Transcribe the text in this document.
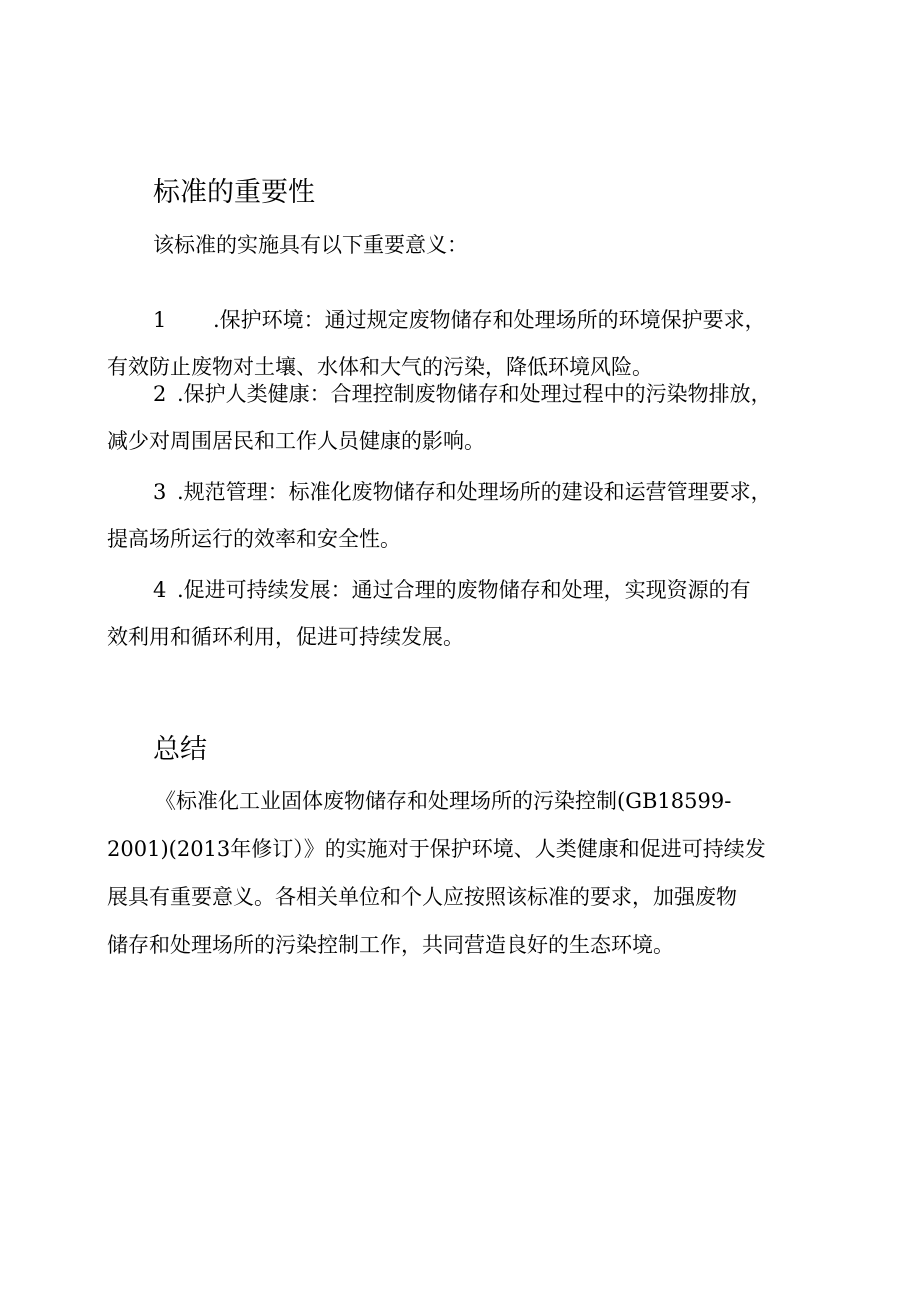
标准的重要性

该标准的实施具有以下重要意义：

1 .保护环境：通过规定废物储存和处理场所的环境保护要求，
有效防止废物对土壤、水体和大气的污染，降低环境风险。

2 .保护人类健康：合理控制废物储存和处理过程中的污染物排放，
减少对周围居民和工作人员健康的影响。

3 .规范管理：标准化废物储存和处理场所的建设和运营管理要求，
提高场所运行的效率和安全性。

4 .促进可持续发展：通过合理的废物储存和处理，实现资源的有
效利用和循环利用，促进可持续发展。

总结

《标准化工业固体废物储存和处理场所的污染控制(GB18599-
2001)(2013年修订）》的实施对于保护环境、人类健康和促进可持续发
展具有重要意义。各相关单位和个人应按照该标准的要求，加强废物
储存和处理场所的污染控制工作，共同营造良好的生态环境。
